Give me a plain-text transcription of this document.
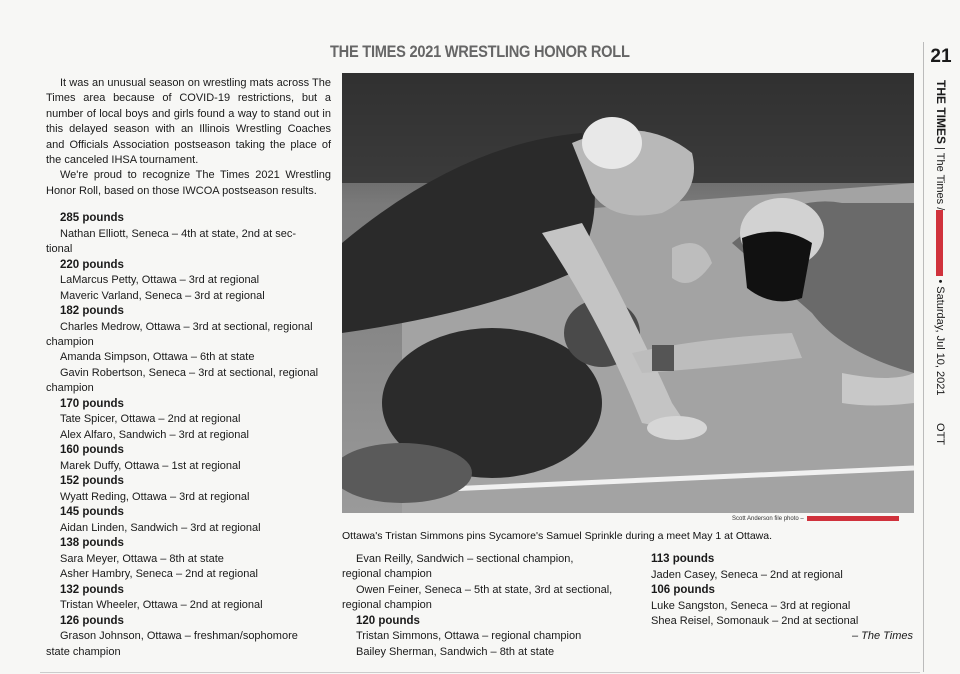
THE TIMES 2021 WRESTLING HONOR ROLL

It was an unusual season on wrestling mats across The Times area because of COVID-19 restrictions, but a number of local boys and girls found a way to stand out in this delayed season with an Illinois Wrestling Coaches and Officials Association postseason taking the place of the canceled IHSA tournament.

We're proud to recognize The Times 2021 Wrestling Honor Roll, based on those IWCOA postseason results.

285 pounds
Nathan Elliott, Seneca – 4th at state, 2nd at sec-
tional
220 pounds
LaMarcus Petty, Ottawa – 3rd at regional
Maveric Varland, Seneca – 3rd at regional
182 pounds
Charles Medrow, Ottawa – 3rd at sectional, regional
champion
Amanda Simpson, Ottawa – 6th at state
Gavin Robertson, Seneca – 3rd at sectional, regional
champion
170 pounds
Tate Spicer, Ottawa – 2nd at regional
Alex Alfaro, Sandwich – 3rd at regional
160 pounds
Marek Duffy, Ottawa – 1st at regional
152 pounds
Wyatt Reding, Ottawa – 3rd at regional
145 pounds
Aidan Linden, Sandwich – 3rd at regional
138 pounds
Sara Meyer, Ottawa – 8th at state
Asher Hambry, Seneca – 2nd at regional
132 pounds
Tristan Wheeler, Ottawa – 2nd at regional
126 pounds
Grason Johnson, Ottawa – freshman/sophomore
state champion
Scott Anderson file photo –
Ottawa's Tristan Simmons pins Sycamore's Samuel Sprinkle during a meet May 1 at Ottawa.
Evan Reilly, Sandwich – sectional champion,
regional champion
Owen Feiner, Seneca – 5th at state, 3rd at sectional,
regional champion
120 pounds
Tristan Simmons, Ottawa – regional champion
Bailey Sherman, Sandwich – 8th at state
113 pounds
Jaden Casey, Seneca – 2nd at regional
106 pounds
Luke Sangston, Seneca – 3rd at regional
Shea Reisel, Somonauk – 2nd at sectional
– The Times
21
THE TIMES | The Times / • Saturday, Jul 10, 2021         OTT
